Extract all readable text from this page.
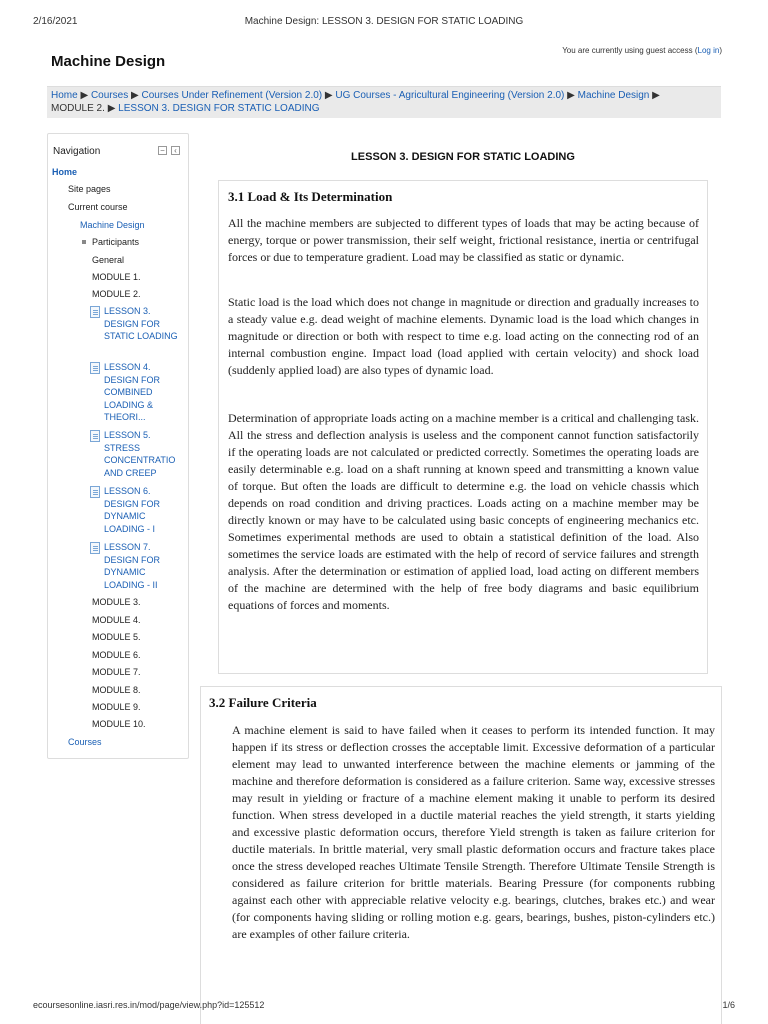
2/16/2021	Machine Design: LESSON 3. DESIGN FOR STATIC LOADING
You are currently using guest access (Log in)
Machine Design
Home ▶ Courses ▶ Courses Under Refinement (Version 2.0) ▶ UG Courses - Agricultural Engineering (Version 2.0) ▶ Machine Design ▶
MODULE 2. ▶ LESSON 3. DESIGN FOR STATIC LOADING
Navigation	−	‹
Home
Site pages
Current course
Machine Design
Participants
General
MODULE 1.
MODULE 2.
LESSON 3. DESIGN FOR STATIC LOADING
LESSON 4. DESIGN FOR COMBINED LOADING & THEORI...
LESSON 5. STRESS CONCENTRATIO AND CREEP
LESSON 6. DESIGN FOR DYNAMIC LOADING - I
LESSON 7. DESIGN FOR DYNAMIC LOADING - II
MODULE 3.
MODULE 4.
MODULE 5.
MODULE 6.
MODULE 7.
MODULE 8.
MODULE 9.
MODULE 10.
Courses
LESSON 3. DESIGN FOR STATIC LOADING
3.1 Load & Its Determination

All the machine members are subjected to different types of loads that may be acting because of energy, torque or power transmission, their self weight, frictional resistance, inertia or centrifugal forces or due to temperature gradient. Load may be classified as static or dynamic.

Static load is the load which does not change in magnitude or direction and gradually increases to a steady value e.g. dead weight of machine elements. Dynamic load is the load which changes in magnitude or direction or both with respect to time e.g. load acting on the connecting rod of an internal combustion engine. Impact load (load applied with certain velocity) and shock load (suddenly applied load) are also types of dynamic load.

Determination of appropriate loads acting on a machine member is a critical and challenging task. All the stress and deflection analysis is useless and the component cannot function satisfactorily if the operating loads are not calculated or predicted correctly. Sometimes the operating loads are easily determinable e.g. load on a shaft running at known speed and transmitting a known value of torque. But often the loads are difficult to determine e.g. the load on vehicle chassis which depends on road condition and driving practices. Loads acting on a machine member may be directly known or may have to be calculated using basic concepts of engineering mechanics etc. Sometimes experimental methods are used to obtain a statistical definition of the load. Also sometimes the service loads are estimated with the help of record of service failures and strength analysis. After the determination or estimation of applied load, load acting on different members of the machine are determined with the help of free body diagrams and basic equilibrium equations of forces and moments.

3.2 Failure Criteria

A machine element is said to have failed when it ceases to perform its intended function. It may happen if its stress or deflection crosses the acceptable limit. Excessive deformation of a particular element may lead to unwanted interference between the machine elements or jamming of the machine and therefore deformation is considered as a failure criterion. Same way, excessive stresses may result in yielding or fracture of a machine element making it unable to perform its desired function. When stress developed in a ductile material reaches the yield strength, it starts yielding and excessive plastic deformation occurs, therefore Yield strength is taken as failure criterion for ductile materials. In brittle material, very small plastic deformation occurs and fracture takes place once the stress developed reaches Ultimate Tensile Strength. Therefore Ultimate Tensile Strength is considered as failure criterion for brittle materials. Bearing Pressure (for components rubbing against each other with appreciable relative velocity e.g. bearings, clutches, brakes etc.) and wear (for components having sliding or rolling motion e.g. gears, bearings, bushes, piston-cylinders etc.) are examples of other failure criteria.

ecoursesonline.iasri.res.in/mod/page/view.php?id=125512	1/6
